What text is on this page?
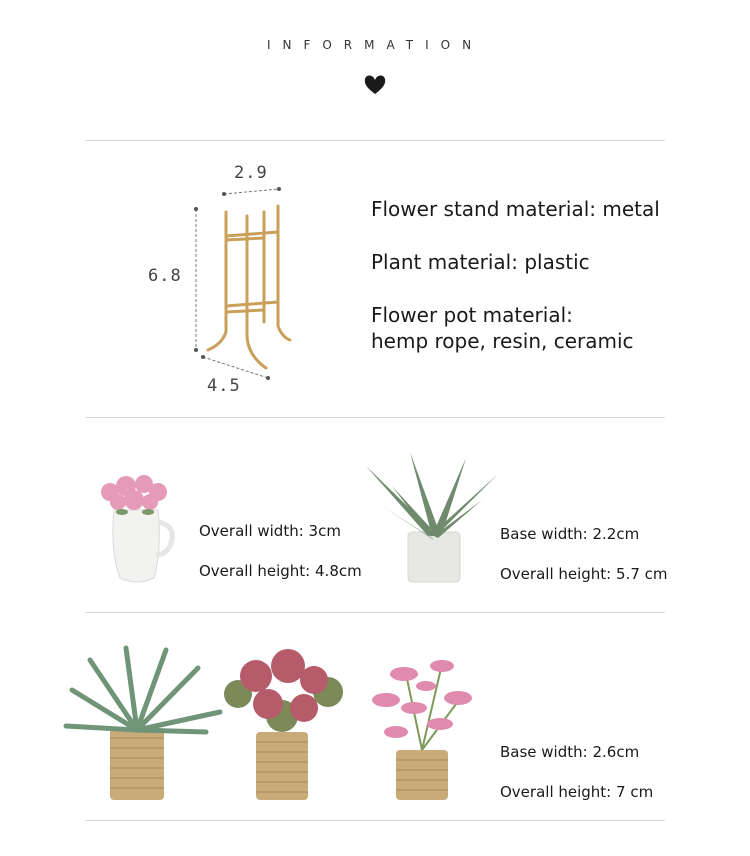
INFORMATION
2.9
6.8
4.5
Flower stand material: metal
Plant material: plastic
Flower pot material:
hemp rope, resin, ceramic
Overall width: 3cm
Overall height: 4.8cm
Base width: 2.2cm
Overall height: 5.7 cm
Base width: 2.6cm
Overall height: 7 cm
